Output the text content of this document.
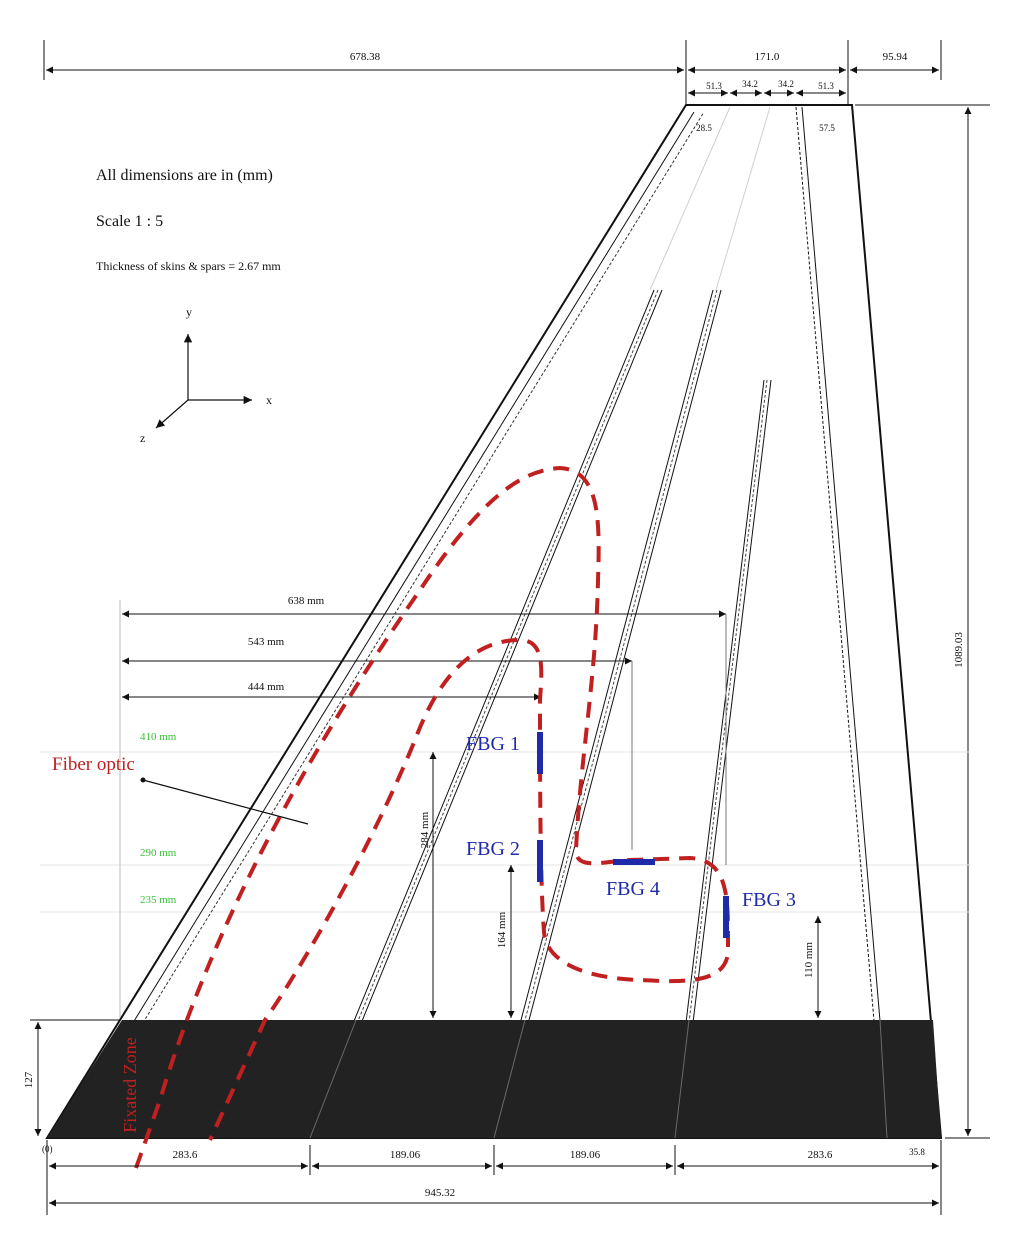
678.38	171.0	95.94
51.3 34.2 34.2	51.3
28.5	57.5
1089.03
All dimensions are in (mm)
Scale 1 : 5
Thickness of skins & spars = 2.67 mm
y
x
z
638 mm
543 mm
444 mm
410 mm
290 mm
235 mm
284 mm
164 mm
110 mm
Fiber optic
Fixated Zone
FBG 1
FBG 2
FBG 4	FBG 3
127
(0)	283.6	189.06	189.06	283.6	35.8
945.32
